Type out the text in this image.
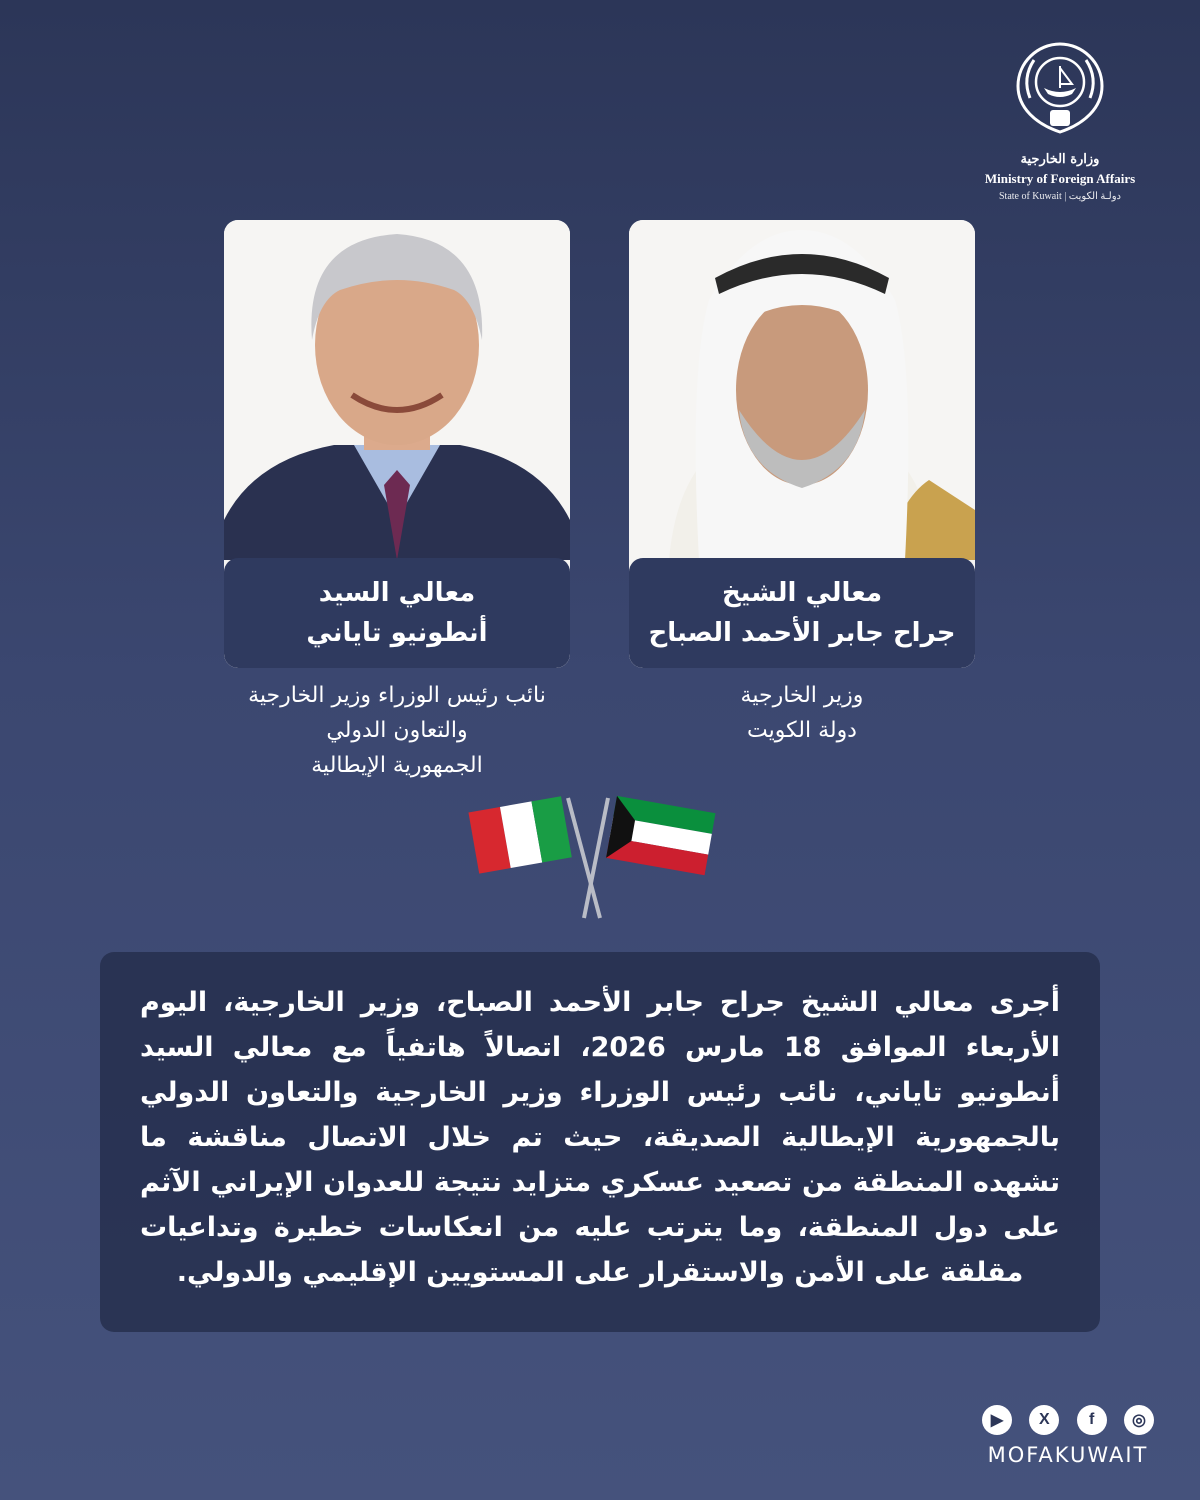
وزارة الخارجية
Ministry of Foreign Affairs
State of Kuwait | دولـة الكويت
معالي السيد
أنطونيو تاياني
معالي الشيخ
جراح جابر الأحمد الصباح
نائب رئيس الوزراء وزير الخارجية
والتعاون الدولي
الجمهورية الإيطالية
وزير الخارجية
دولة الكويت
أجرى معالي الشيخ جراح جابر الأحمد الصباح، وزير الخارجية، اليوم الأربعاء الموافق 18 مارس 2026، اتصالاً هاتفياً مع معالي السيد أنطونيو تاياني، نائب رئيس الوزراء وزير الخارجية والتعاون الدولي بالجمهورية الإيطالية الصديقة، حيث تم خلال الاتصال مناقشة ما تشهده المنطقة من تصعيد عسكري متزايد نتيجة للعدوان الإيراني الآثم على دول المنطقة، وما يترتب عليه من انعكاسات خطيرة وتداعيات مقلقة على الأمن والاستقرار على المستويين الإقليمي والدولي.
▶	X	f	◎
MOFAKUWAIT
